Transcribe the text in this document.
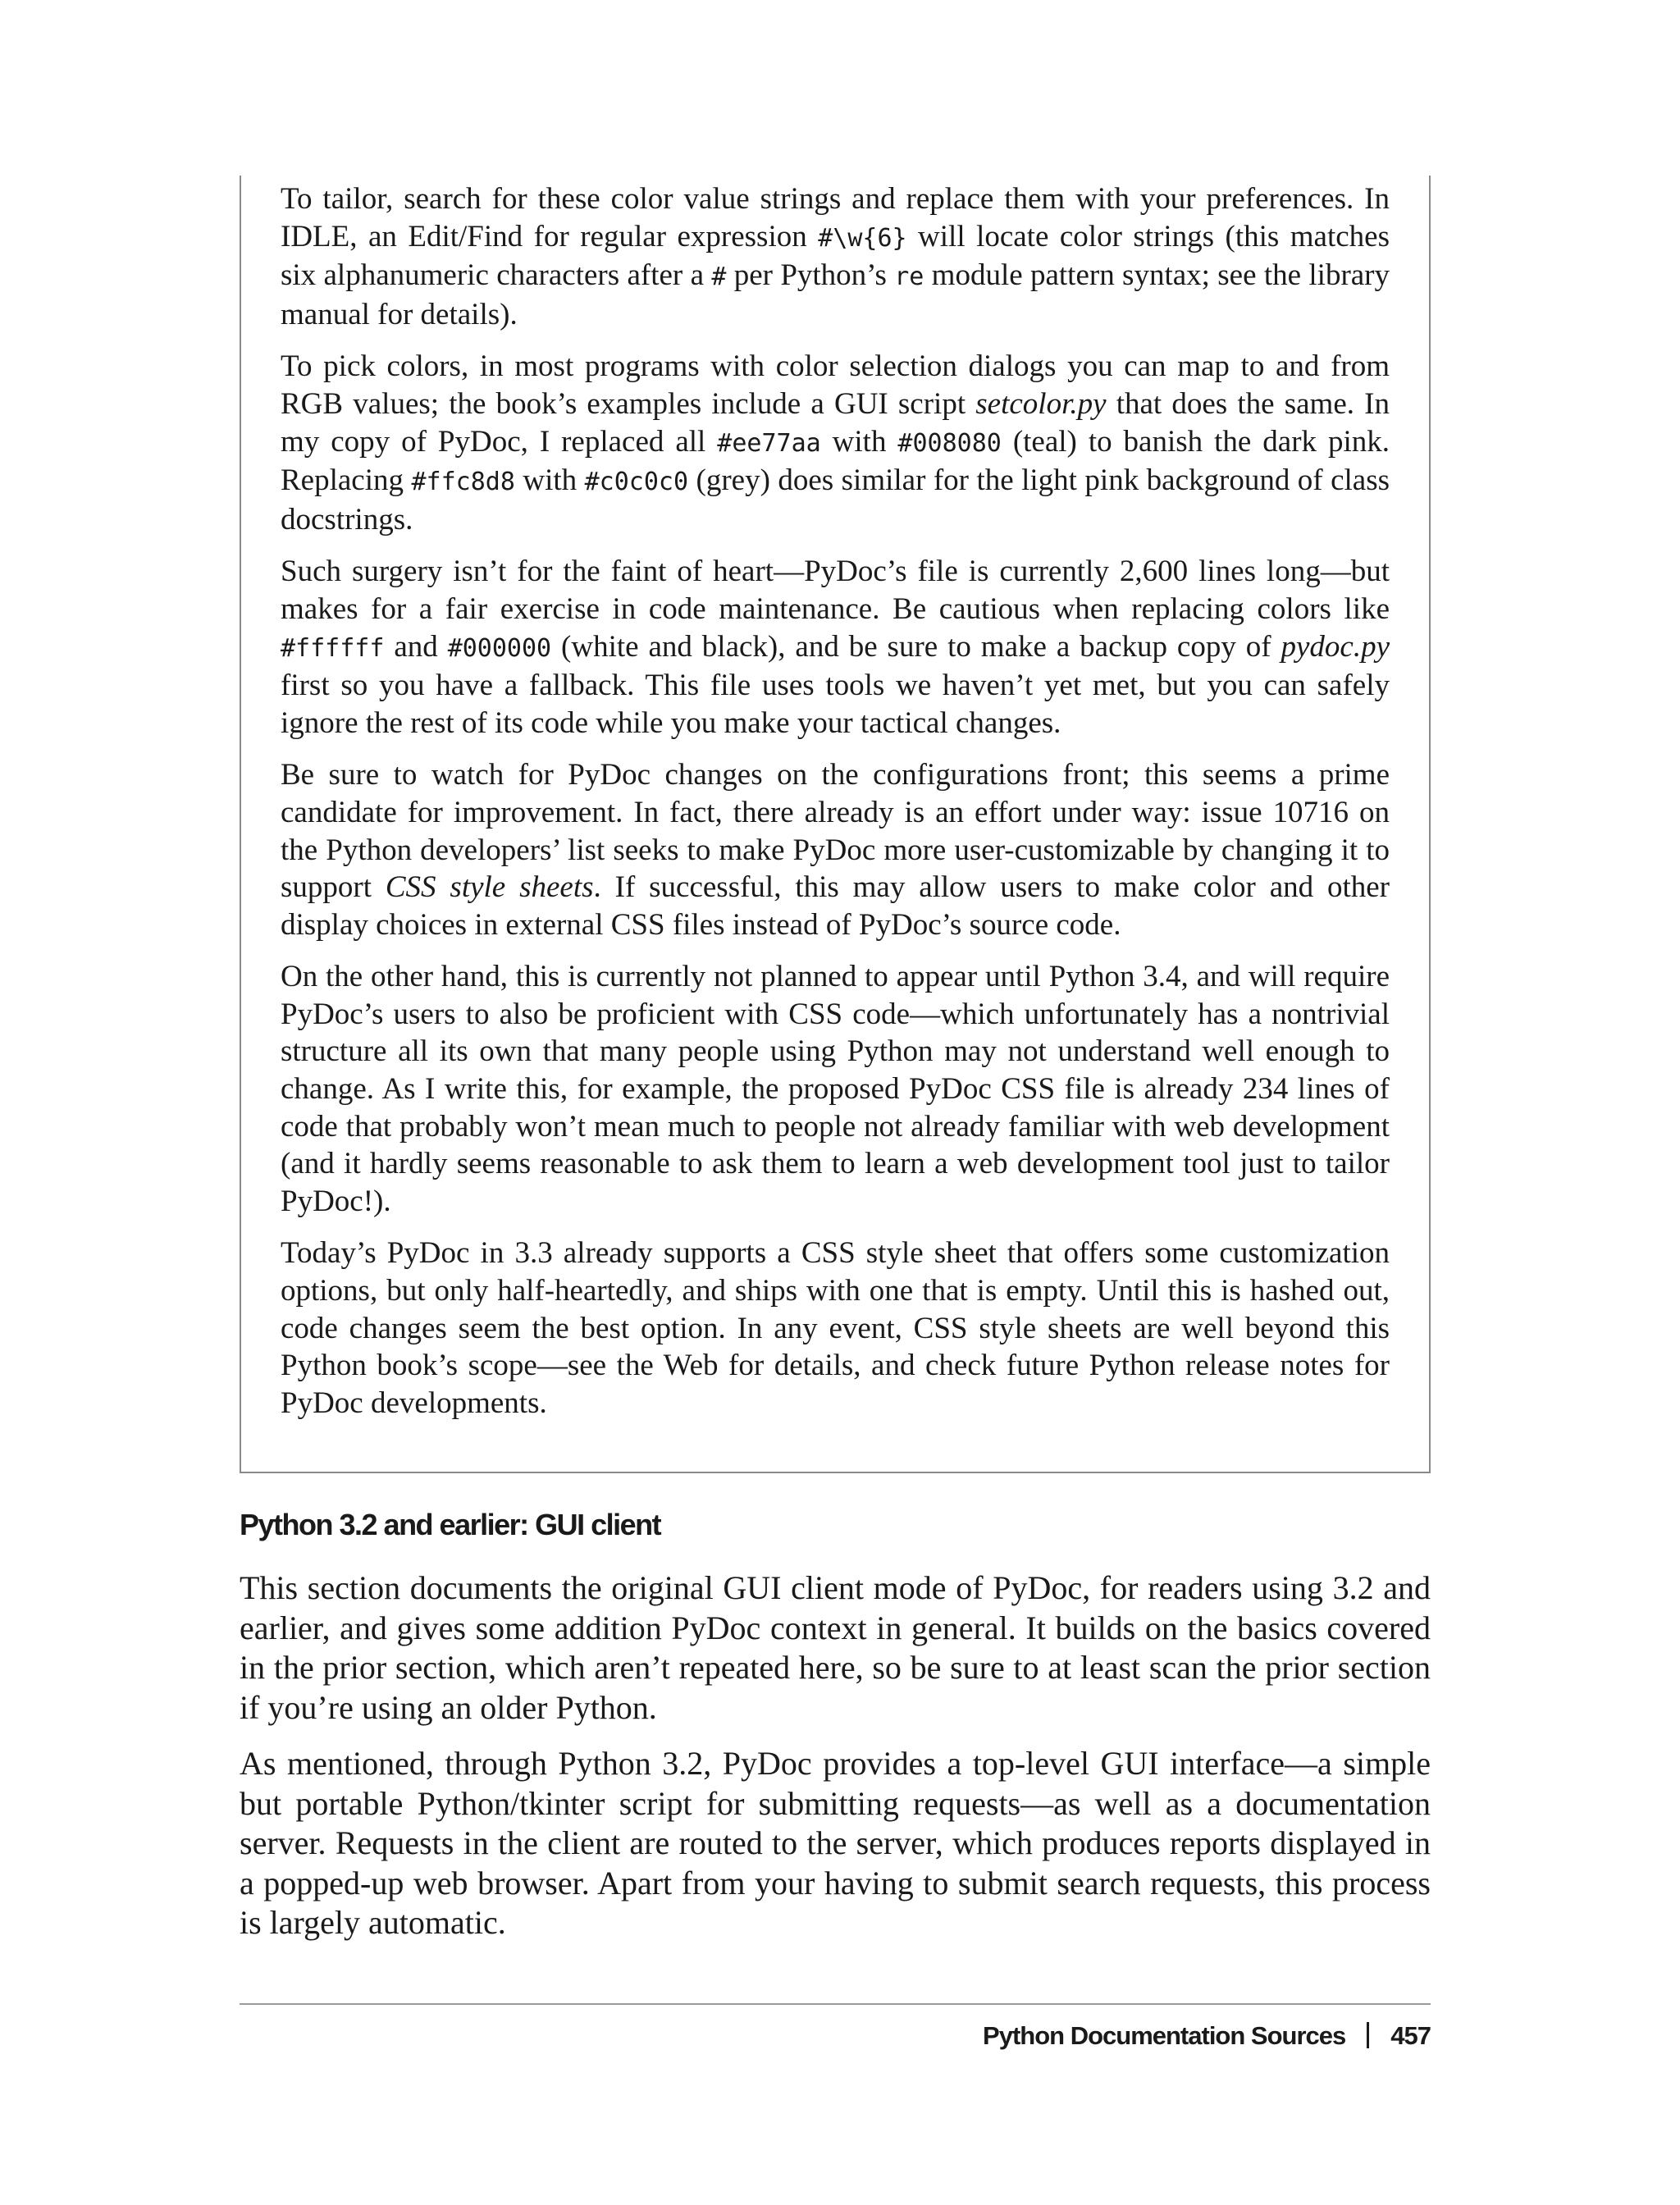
To tailor, search for these color value strings and replace them with your preferences. In IDLE, an Edit/Find for regular expression #\w{6} will locate color strings (this matches six alphanumeric characters after a # per Python’s re module pattern syntax; see the library manual for details).

To pick colors, in most programs with color selection dialogs you can map to and from RGB values; the book’s examples include a GUI script setcolor.py that does the same. In my copy of PyDoc, I replaced all #ee77aa with #008080 (teal) to banish the dark pink. Replacing #ffc8d8 with #c0c0c0 (grey) does similar for the light pink background of class docstrings.

Such surgery isn’t for the faint of heart—PyDoc’s file is currently 2,600 lines long—but makes for a fair exercise in code maintenance. Be cautious when replacing colors like #ffffff and #000000 (white and black), and be sure to make a backup copy of pydoc.py first so you have a fallback. This file uses tools we haven’t yet met, but you can safely ignore the rest of its code while you make your tactical changes.

Be sure to watch for PyDoc changes on the configurations front; this seems a prime candidate for improvement. In fact, there already is an effort under way: issue 10716 on the Python developers’ list seeks to make PyDoc more user-customizable by changing it to support CSS style sheets. If successful, this may allow users to make color and other display choices in external CSS files instead of PyDoc’s source code.

On the other hand, this is currently not planned to appear until Python 3.4, and will require PyDoc’s users to also be proficient with CSS code—which unfortunately has a nontrivial structure all its own that many people using Python may not understand well enough to change. As I write this, for example, the proposed PyDoc CSS file is already 234 lines of code that probably won’t mean much to people not already familiar with web development (and it hardly seems reasonable to ask them to learn a web development tool just to tailor PyDoc!).

Today’s PyDoc in 3.3 already supports a CSS style sheet that offers some customization options, but only half-heartedly, and ships with one that is empty. Until this is hashed out, code changes seem the best option. In any event, CSS style sheets are well beyond this Python book’s scope—see the Web for details, and check future Python release notes for PyDoc developments.

Python 3.2 and earlier: GUI client

This section documents the original GUI client mode of PyDoc, for readers using 3.2 and earlier, and gives some addition PyDoc context in general. It builds on the basics covered in the prior section, which aren’t repeated here, so be sure to at least scan the prior section if you’re using an older Python.

As mentioned, through Python 3.2, PyDoc provides a top-level GUI interface—a simple but portable Python/tkinter script for submitting requests—as well as a documentation server. Requests in the client are routed to the server, which produces reports displayed in a popped-up web browser. Apart from your having to submit search requests, this process is largely automatic.

Python Documentation Sources 457
